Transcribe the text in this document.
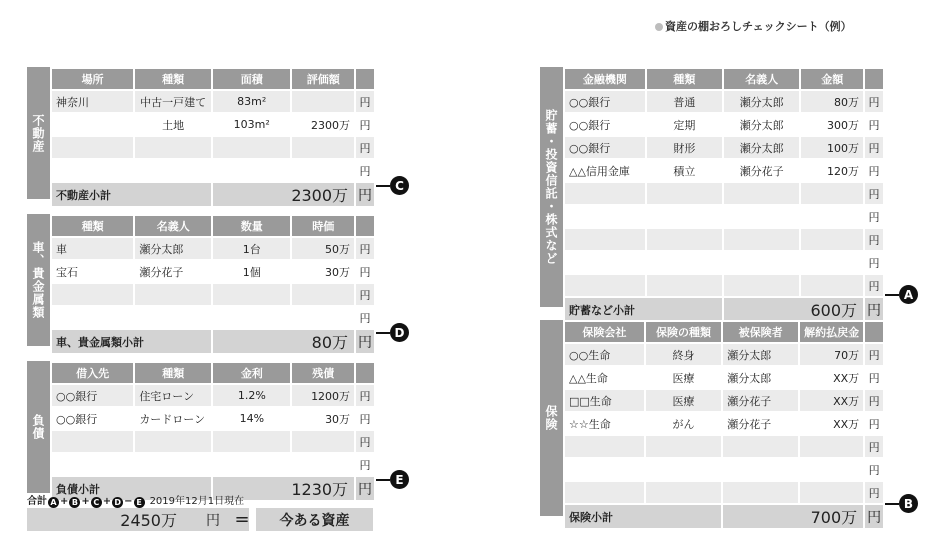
資産の棚おろしチェックシート（例）
不動産
場所	種類	面積	評価額	
神奈川	中古一戸建て	83m²		円
	土地	103m²	2300万	円
				円
				円
不動産小計		2300万		円
C
車、貴金属類
種類	名義人	数量	時価	
車	瀬分太郎	1台	50万	円
宝石	瀬分花子	1個	30万	円
				円
				円
車、貴金属類小計		80万		円
D
負債
借入先	種類	金利	残債	
○○銀行	住宅ローン	1.2%	1200万	円
○○銀行	カードローン	14%	30万	円
				円
				円
負債小計		1230万		円
E
合計 A + B + C + D − E 2019年12月1日現在
2450万	円 =	今ある資産
貯蓄・投資信託・株式など
金融機関	種類	名義人	金額	
○○銀行	普通	瀬分太郎	80万	円
○○銀行	定期	瀬分太郎	300万	円
○○銀行	財形	瀬分太郎	100万	円
△△信用金庫	積立	瀬分花子	120万	円
				円
				円
				円
				円
				円
貯蓄など小計		600万		円
A
保険
保険会社	保険の種類	被保険者	解約払戻金	
○○生命	終身	瀬分太郎	70万	円
△△生命	医療	瀬分太郎	XX万	円
□□生命	医療	瀬分花子	XX万	円
☆☆生命	がん	瀬分花子	XX万	円
				円
				円
				円
保険小計		700万		円
B
